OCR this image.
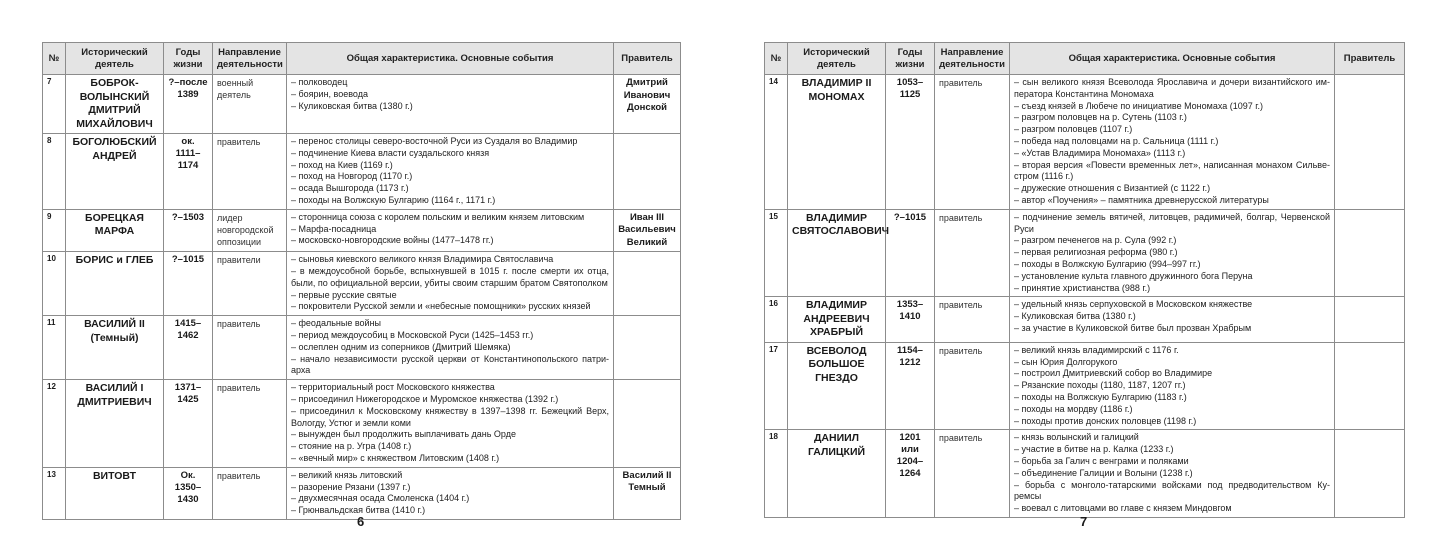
№	Исторический деятель	Годы жизни	Направление деятельности	Общая характеристика. Основные события	Правитель
7	БОБРОК-ВОЛЫНСКИЙ ДМИТРИЙ МИХАЙЛОВИЧ	?–после 1389	военный деятель	– полководец
– боярин, воевода
– Куликовская битва (1380 г.)	Дмитрий Иванович Донской
8	БОГОЛЮБСКИЙ АНДРЕЙ	ок. 1111–1174	правитель	– перенос столицы северо-восточной Руси из Суздаля во Владимир
– подчинение Киева власти суздальского князя
– поход на Киев (1169 г.)
– поход на Новгород (1170 г.)
– осада Вышгорода (1173 г.)
– походы на Волжскую Булгарию (1164 г., 1171 г.)

9	БОРЕЦКАЯ МАРФА	?–1503	лидер новгородской оппозиции	– сторонница союза с королем польским и великим князем литовским
– Марфа-посадница
– московско-новгородские войны (1477–1478 гг.)	Иван III Васильевич Великий
10	БОРИС и ГЛЕБ	?–1015	правители	– сыновья киевского великого князя Владимира Святославича
– в междоусобной борьбе, вспыхнувшей в 1015 г. после смерти их отца, были, по официальной версии, убиты своим старшим братом Святополком
– первые русские святые
– покровители Русской земли и «небесные помощники» русских князей	

11	ВАСИЛИЙ II (Темный)	1415–1462	правитель	– феодальные войны
– период междоусобиц в Московской Руси (1425–1453 гг.)
– ослеплен одним из соперников (Дмитрий Шемяка)
– начало независимости русской церкви от Константинопольского патри-арха	

12	ВАСИЛИЙ I ДМИТРИЕВИЧ	1371–1425	правитель	– территориальный рост Московского княжества
– присоединил Нижегородское и Муромское княжества (1392 г.)
– присоединил к Московскому княжеству в 1397–1398 гг. Бежецкий Верх, Вологду, Устюг и земли коми
– вынужден был продолжить выплачивать дань Орде
– стояние на р. Угра (1408 г.)
– «вечный мир» с княжеством Литовским (1408 г.)

13	ВИТОВТ	Ок. 1350–1430	правитель	– великий князь литовский
– разорение Рязани (1397 г.)
– двухмесячная осада Смоленска (1404 г.)
– Грюнвальдская битва (1410 г.)	Василий II Темный
6
№	Исторический деятель	Годы жизни	Направление деятельности	Общая характеристика. Основные события	Правитель
14	ВЛАДИМИР II МОНОМАХ	1053–1125	правитель	– сын великого князя Всеволода Ярославича и дочери византийского им-ператора Константина Мономаха
– съезд князей в Любече по инициативе Мономаха (1097 г.)
– разгром половцев на р. Сутень (1103 г.)
– разгром половцев (1107 г.)
– победа над половцами на р. Сальница (1111 г.)
– «Устав Владимира Мономаха» (1113 г.)
– вторая версия «Повести временных лет», написанная монахом Сильве-стром (1116 г.)
– дружеские отношения с Византией (с 1122 г.)
– автор «Поучения» – памятника древнерусской литературы

15	ВЛАДИМИР СВЯТОСЛАВОВИЧ	?–1015	правитель	– подчинение земель вятичей, литовцев, радимичей, болгар, Червенской Руси
– разгром печенегов на р. Сула (992 г.)
– первая религиозная реформа (980 г.)
– походы в Волжскую Булгарию (994–997 гг.)
– установление культа главного дружинного бога Перуна
– принятие христианства (988 г.)

16	ВЛАДИМИР АНДРЕЕВИЧ ХРАБРЫЙ	1353–1410	правитель	– удельный князь серпуховской в Московском княжестве
– Куликовская битва (1380 г.)
– за участие в Куликовской битве был прозван Храбрым	

17	ВСЕВОЛОД БОЛЬШОЕ ГНЕЗДО	1154–1212	правитель	– великий князь владимирский с 1176 г.
– сын Юрия Долгорукого
– построил Дмитриевский собор во Владимире
– Рязанские походы (1180, 1187, 1207 гг.)
– походы на Волжскую Булгарию (1183 г.)
– походы на мордву (1186 г.)
– походы против донских половцев (1198 г.)

18	ДАНИИЛ ГАЛИЦКИЙ	1201 или 1204–1264	правитель	– князь волынский и галицкий
– участие в битве на р. Калка (1233 г.)
– борьба за Галич с венграми и поляками
– объединение Галиции и Волыни (1238 г.)
– борьба с монголо-татарскими войсками под предводительством Ку-ремсы
– воевал с литовцами во главе с князем Миндовгом

7
